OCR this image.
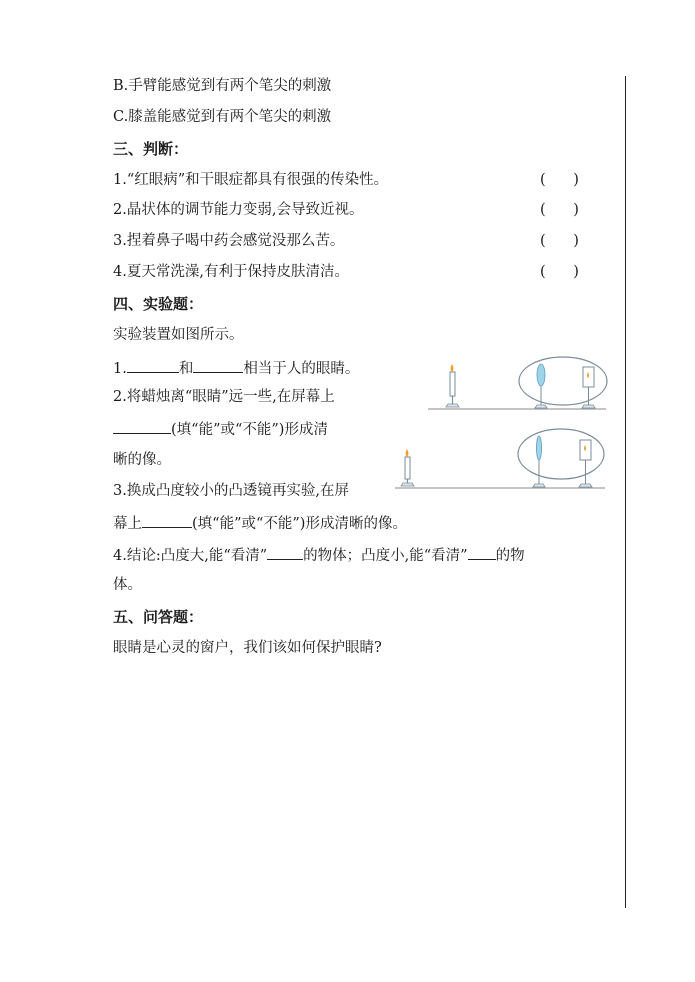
B.手臂能感觉到有两个笔尖的刺激
C.膝盖能感觉到有两个笔尖的刺激
三、判断：
1.“红眼病”和干眼症都具有很强的传染性。	(      )
2.晶状体的调节能力变弱,会导致近视。	(      )
3.捏着鼻子喝中药会感觉没那么苦。	(      )
4.夏天常洗澡,有利于保持皮肤清洁。	(      )
四、实验题：
实验装置如图所示。
1.	和	相当于人的眼睛。
2.将蜡烛离“眼睛”远一些,在屏幕上
(填“能”或“不能”)形成清
晰的像。
3.换成凸度较小的凸透镜再实验,在屏
幕上	(填“能”或“不能”)形成清晰的像。
4.结论:凸度大,能“看清” 的物体；凸度小,能“看清” 的物
体。
五、问答题：
眼睛是心灵的窗户，我们该如何保护眼睛?
